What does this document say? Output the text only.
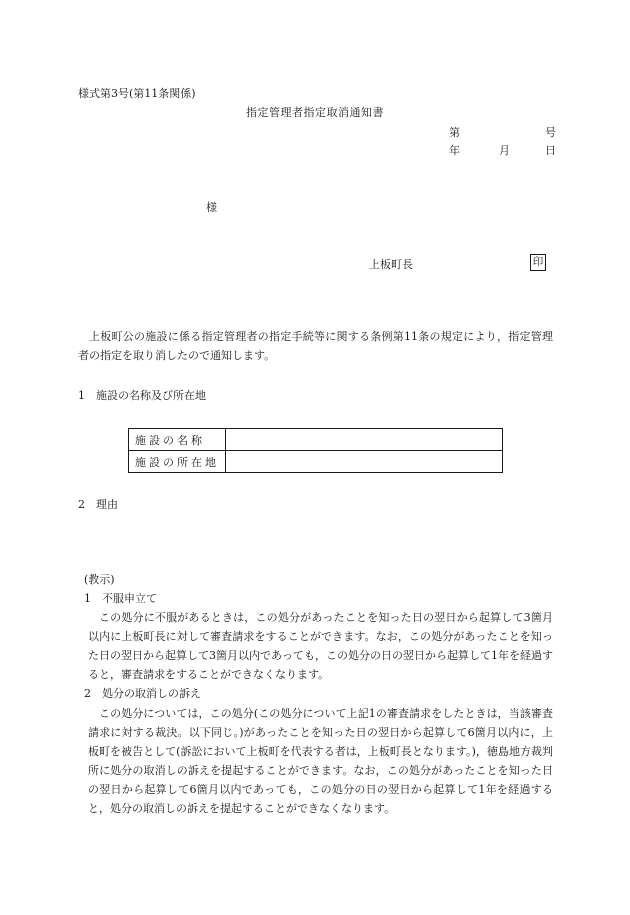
様式第3号(第11条関係)
指定管理者指定取消通知書
第	号
年	月	日
様
上板町長	印
上板町公の施設に係る指定管理者の指定手続等に関する条例第11条の規定により，指定管理者の指定を取り消したので通知します。
1　施設の名称及び所在地
施設の名称	
施設の所在地	
2　理由
(教示)
1　不服申立て
この処分に不服があるときは，この処分があったことを知った日の翌日から起算して3箇月以内に上板町長に対して審査請求をすることができます。なお，この処分があったことを知った日の翌日から起算して3箇月以内であっても，この処分の日の翌日から起算して1年を経過すると，審査請求をすることができなくなります。
2　処分の取消しの訴え
この処分については，この処分(この処分について上記1の審査請求をしたときは，当該審査請求に対する裁決。以下同じ。)があったことを知った日の翌日から起算して6箇月以内に，上板町を被告として(訴訟において上板町を代表する者は，上板町長となります。)，徳島地方裁判所に処分の取消しの訴えを提起することができます。なお，この処分があったことを知った日の翌日から起算して6箇月以内であっても，この処分の日の翌日から起算して1年を経過すると，処分の取消しの訴えを提起することができなくなります。
